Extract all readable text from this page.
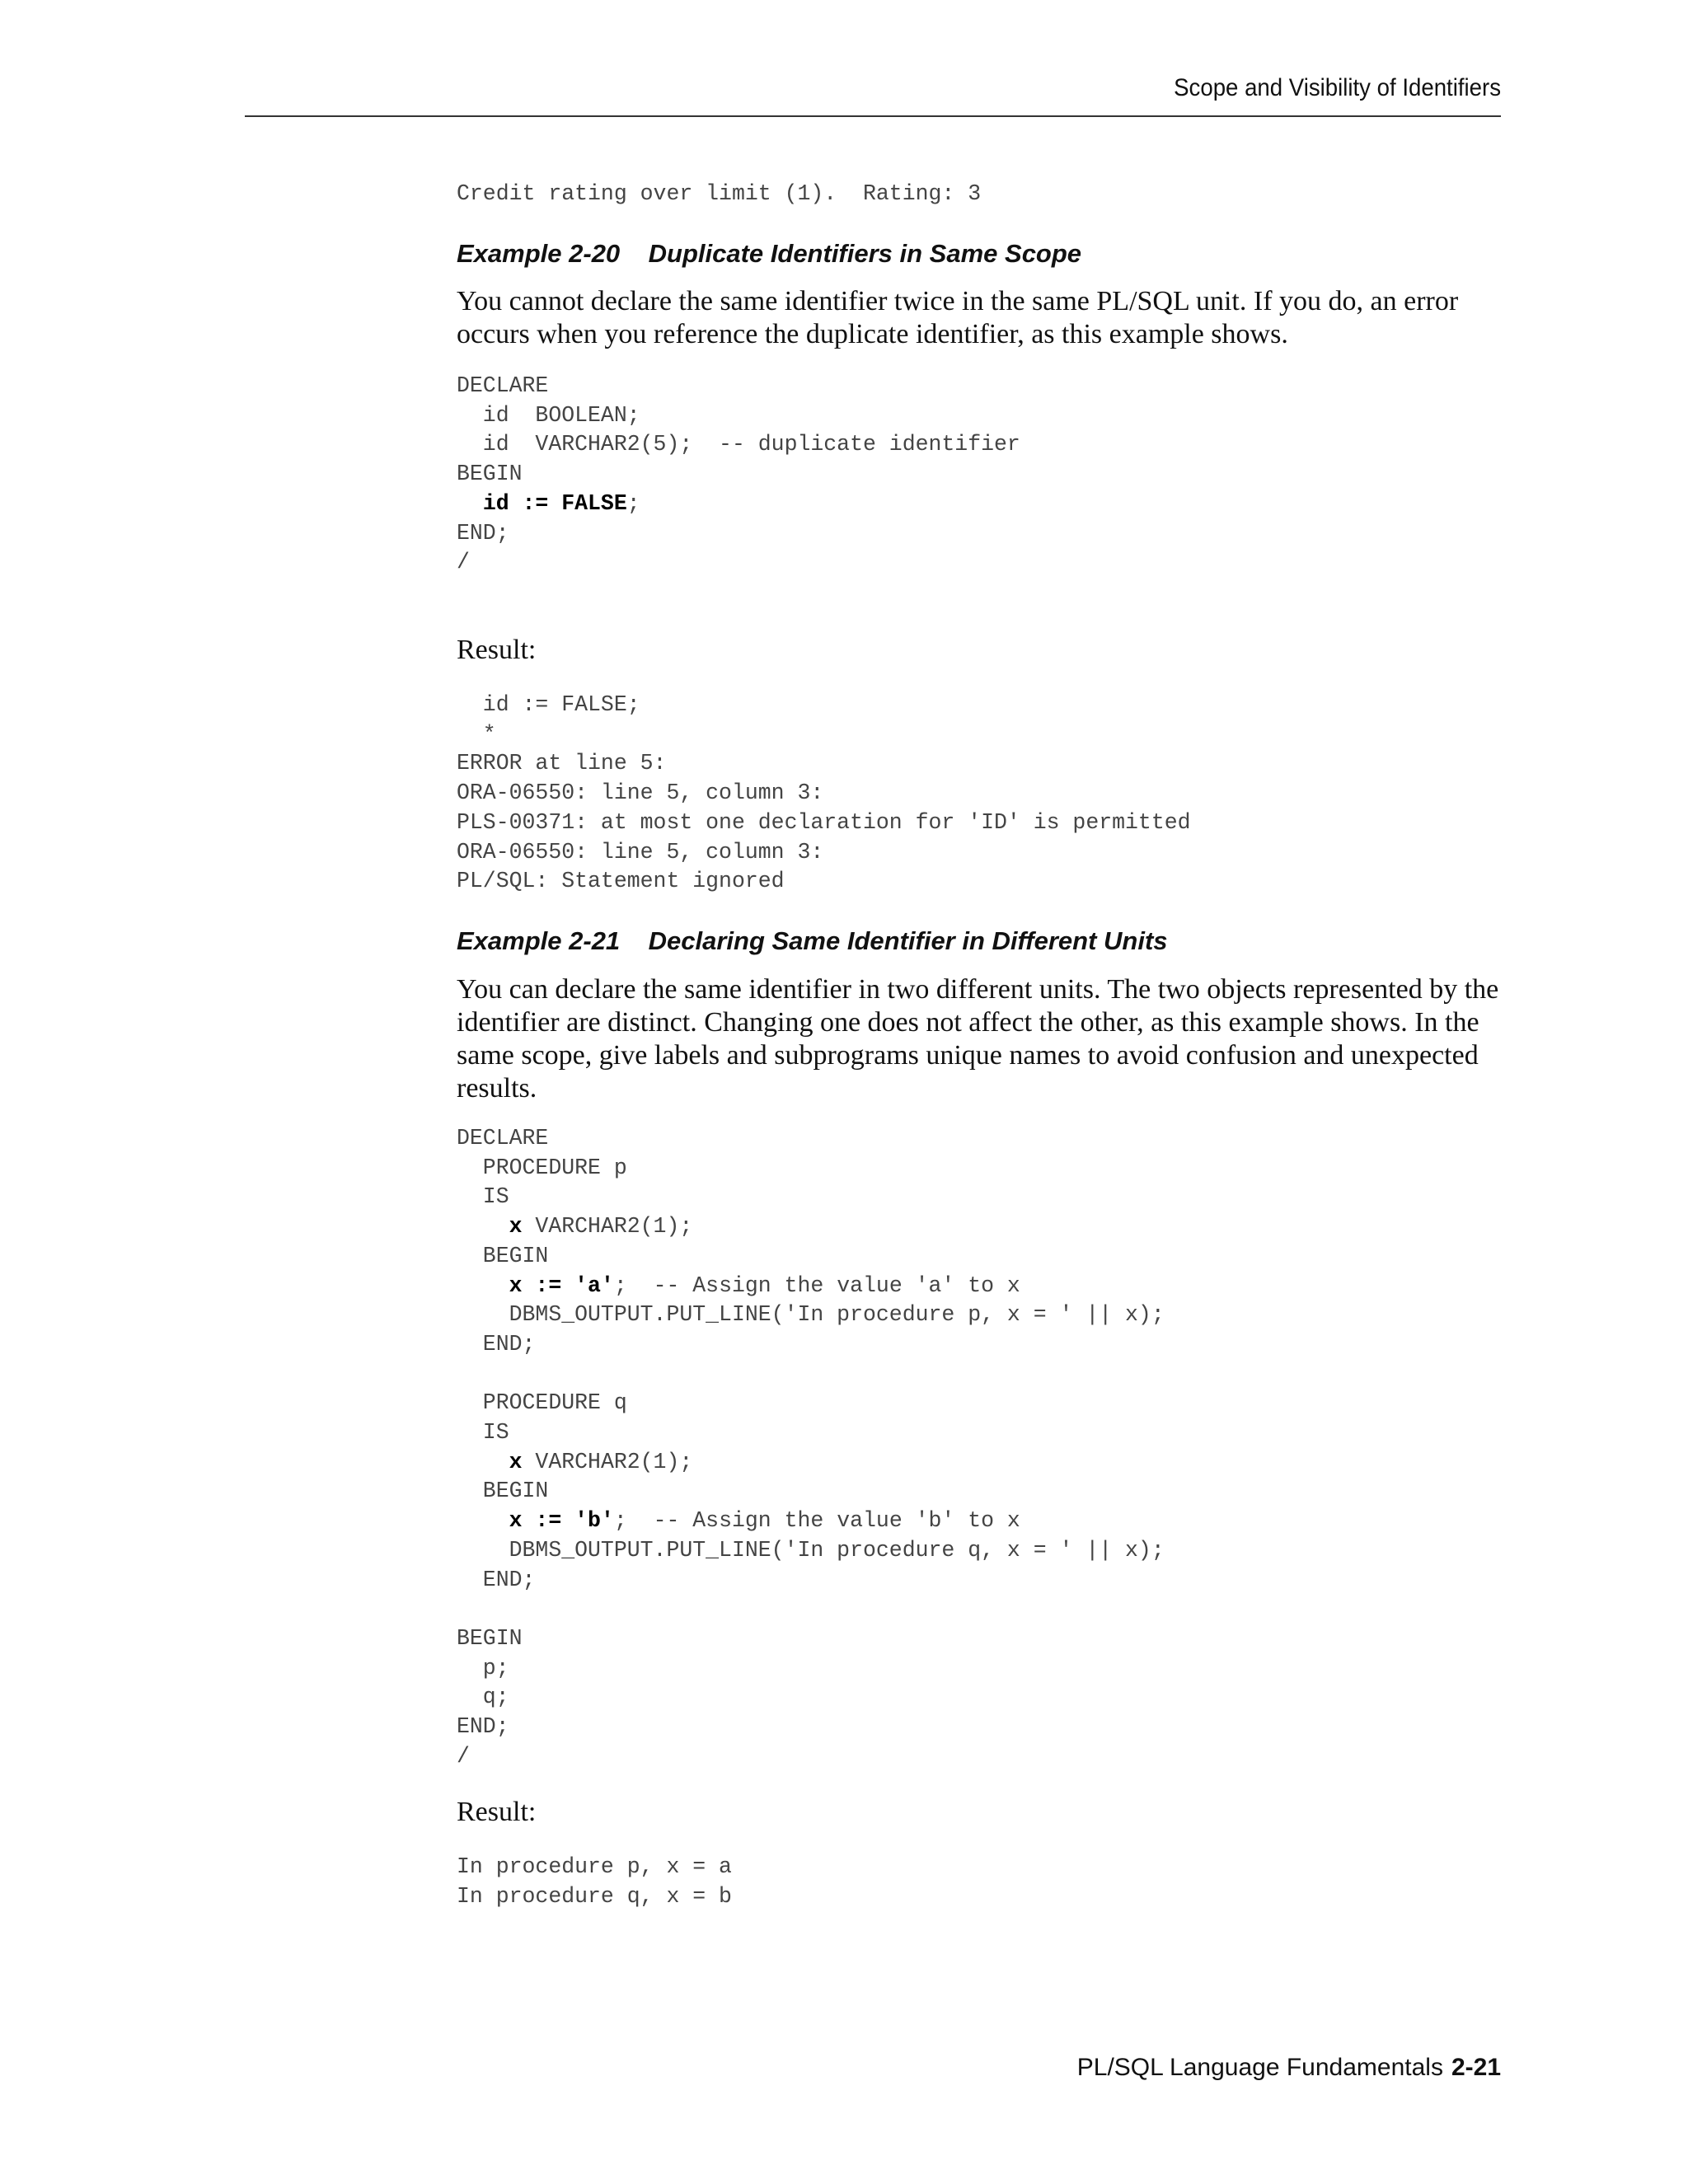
Scope and Visibility of Identifiers
Credit rating over limit (1).  Rating: 3

Example 2-20    Duplicate Identifiers in Same Scope

You cannot declare the same identifier twice in the same PL/SQL unit. If you do, an error occurs when you reference the duplicate identifier, as this example shows.

DECLARE
id  BOOLEAN;
id  VARCHAR2(5);  -- duplicate identifier
BEGIN
id := FALSE;
END;
/

Result:

id := FALSE;
*
ERROR at line 5:
ORA-06550: line 5, column 3:
PLS-00371: at most one declaration for 'ID' is permitted
ORA-06550: line 5, column 3:
PL/SQL: Statement ignored

Example 2-21    Declaring Same Identifier in Different Units

You can declare the same identifier in two different units. The two objects represented by the identifier are distinct. Changing one does not affect the other, as this example shows. In the same scope, give labels and subprograms unique names to avoid confusion and unexpected results.

DECLARE
PROCEDURE p
IS
x VARCHAR2(1);
BEGIN
x := 'a';  -- Assign the value 'a' to x
DBMS_OUTPUT.PUT_LINE('In procedure p, x = ' || x);
END;

PROCEDURE q
IS
x VARCHAR2(1);
BEGIN
x := 'b';  -- Assign the value 'b' to x
DBMS_OUTPUT.PUT_LINE('In procedure q, x = ' || x);
END;

BEGIN
p;
q;
END;
/

Result:

In procedure p, x = a
In procedure q, x = b
PL/SQL Language Fundamentals 2-21
